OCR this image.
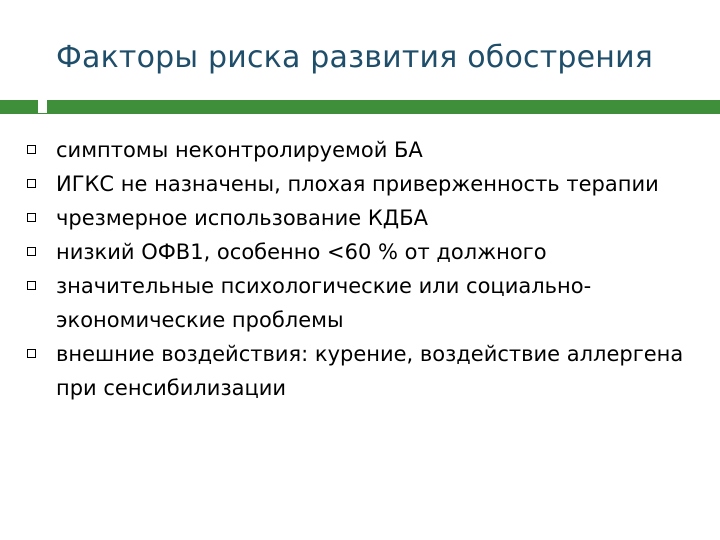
Факторы риска развития обострения
симптомы неконтролируемой БА
ИГКС не назначены, плохая приверженность терапии
чрезмерное использование КДБА
низкий ОФВ1, особенно <60 % от должного
значительные психологические или социально-экономические проблемы
внешние воздействия: курение, воздействие аллергена при сенсибилизации
